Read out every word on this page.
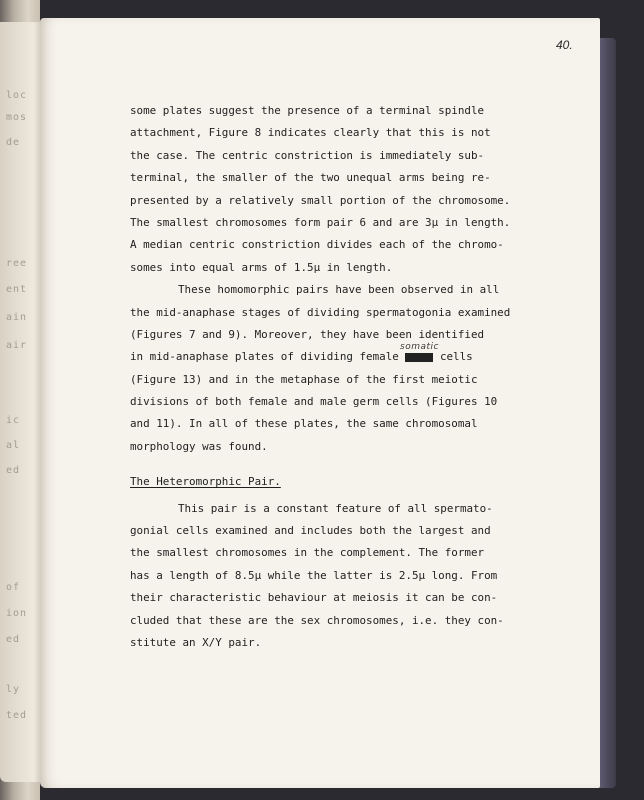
loc
mos
de
ree
ent
ain
air
ic
al
ed
of
ion
ed
ly
ted
40.
some plates suggest the presence of a terminal spindle
attachment, Figure 8 indicates clearly that this is not
the case. The centric constriction is immediately sub-
terminal, the smaller of the two unequal arms being re-
presented by a relatively small portion of the chromosome.
The smallest chromosomes form pair 6 and are 3μ in length.
A median centric constriction divides each of the chromo-
somes into equal arms of 1.5μ in length.
These homomorphic pairs have been observed in all
the mid-anaphase stages of dividing spermatogonia examined
(Figures 7 and 9). Moreover, they have been identified
in mid-anaphase plates of dividing female	cells
somatic
(Figure 13) and in the metaphase of the first meiotic
divisions of both female and male germ cells (Figures 10
and 11). In all of these plates, the same chromosomal
morphology was found.
The Heteromorphic Pair.
This pair is a constant feature of all spermato-
gonial cells examined and includes both the largest and
the smallest chromosomes in the complement. The former
has a length of 8.5μ while the latter is 2.5μ long. From
their characteristic behaviour at meiosis it can be con-
cluded that these are the sex chromosomes, i.e. they con-
stitute an X/Y pair.
